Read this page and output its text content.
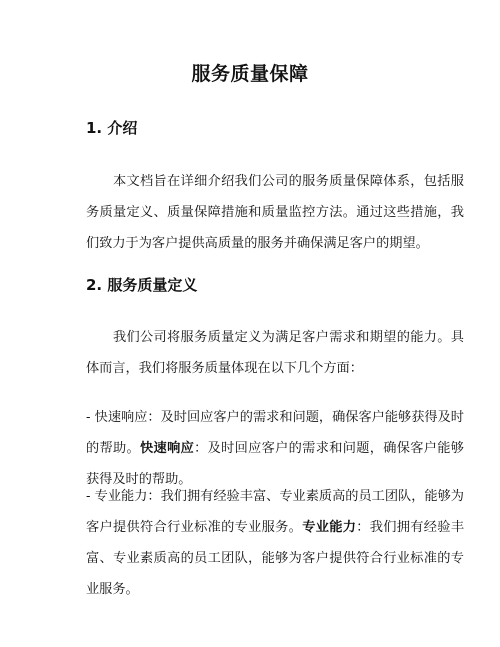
服务质量保障
1. 介绍
本文档旨在详细介绍我们公司的服务质量保障体系，包括服务质量定义、质量保障措施和质量监控方法。通过这些措施，我们致力于为客户提供高质量的服务并确保满足客户的期望。
2. 服务质量定义
我们公司将服务质量定义为满足客户需求和期望的能力。具体而言，我们将服务质量体现在以下几个方面：
- 快速响应：及时回应客户的需求和问题，确保客户能够获得及时的帮助。快速响应：及时回应客户的需求和问题，确保客户能够获得及时的帮助。
- 专业能力：我们拥有经验丰富、专业素质高的员工团队，能够为客户提供符合行业标准的专业服务。专业能力：我们拥有经验丰富、专业素质高的员工团队，能够为客户提供符合行业标准的专业服务。
